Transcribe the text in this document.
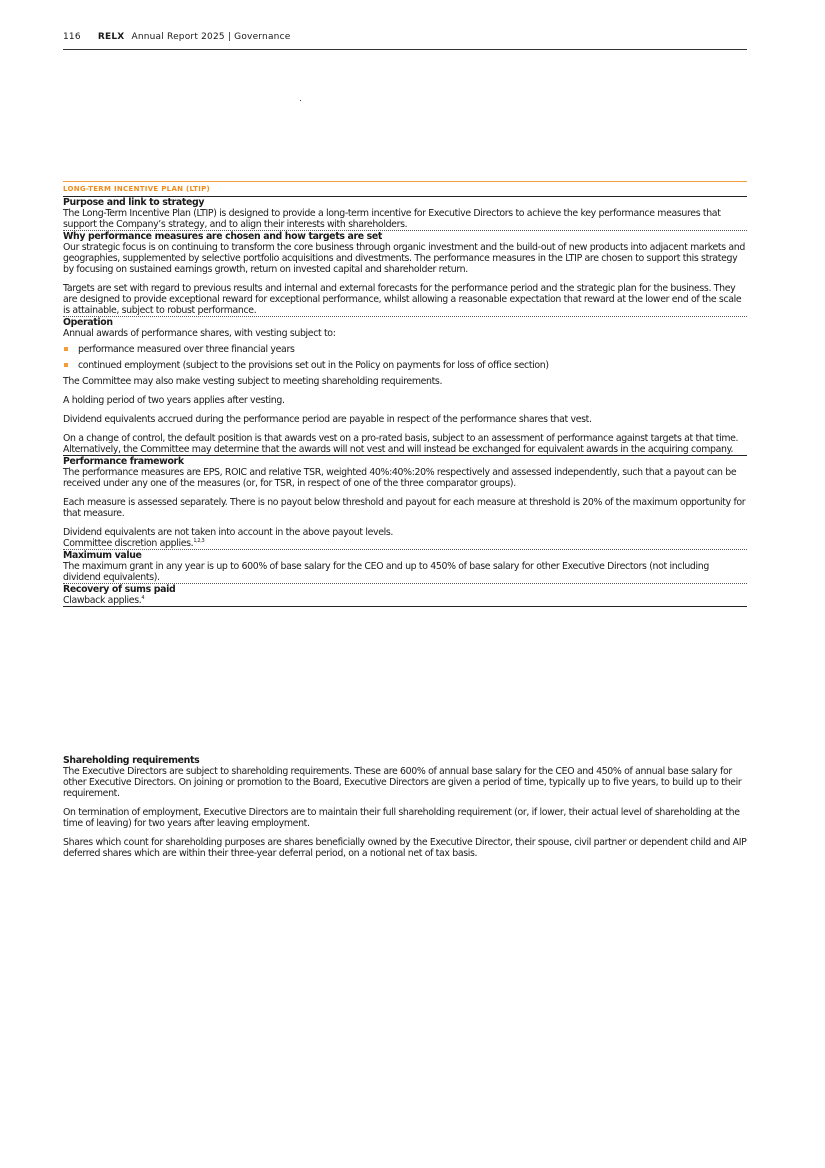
116 RELX Annual Report 2025 | Governance
LONG-TERM INCENTIVE PLAN (LTIP)
Purpose and link to strategy

The Long-Term Incentive Plan (LTIP) is designed to provide a long-term incentive for Executive Directors to achieve the key performance measures that support the Company’s strategy, and to align their interests with shareholders.

Why performance measures are chosen and how targets are set

Our strategic focus is on continuing to transform the core business through organic investment and the build-out of new products into adjacent markets and geographies, supplemented by selective portfolio acquisitions and divestments. The performance measures in the LTIP are chosen to support this strategy by focusing on sustained earnings growth, return on invested capital and shareholder return.

Targets are set with regard to previous results and internal and external forecasts for the performance period and the strategic plan for the business. They are designed to provide exceptional reward for exceptional performance, whilst allowing a reasonable expectation that reward at the lower end of the scale is attainable, subject to robust performance.

Operation

Annual awards of performance shares, with vesting subject to:

performance measured over three financial years
continued employment (subject to the provisions set out in the Policy on payments for loss of office section)

The Committee may also make vesting subject to meeting shareholding requirements.

A holding period of two years applies after vesting.

Dividend equivalents accrued during the performance period are payable in respect of the performance shares that vest.

On a change of control, the default position is that awards vest on a pro-rated basis, subject to an assessment of performance against targets at that time. Alternatively, the Committee may determine that the awards will not vest and will instead be exchanged for equivalent awards in the acquiring company.

Performance framework

The performance measures are EPS, ROIC and relative TSR, weighted 40%:40%:20% respectively and assessed independently, such that a payout can be received under any one of the measures (or, for TSR, in respect of one of the three comparator groups).

Each measure is assessed separately. There is no payout below threshold and payout for each measure at threshold is 20% of the maximum opportunity for that measure.

Dividend equivalents are not taken into account in the above payout levels.

Committee discretion applies.$^{1,2,3}$

Maximum value

The maximum grant in any year is up to 600% of base salary for the CEO and up to 450% of base salary for other Executive Directors (not including dividend equivalents).

Recovery of sums paid

Clawback applies.$^4$

Shareholding requirements

The Executive Directors are subject to shareholding requirements. These are 600% of annual base salary for the CEO and 450% of annual base salary for other Executive Directors. On joining or promotion to the Board, Executive Directors are given a period of time, typically up to five years, to build up to their requirement.

On termination of employment, Executive Directors are to maintain their full shareholding requirement (or, if lower, their actual level of shareholding at the time of leaving) for two years after leaving employment.

Shares which count for shareholding purposes are shares beneficially owned by the Executive Director, their spouse, civil partner or dependent child and AIP deferred shares which are within their three-year deferral period, on a notional net of tax basis.
